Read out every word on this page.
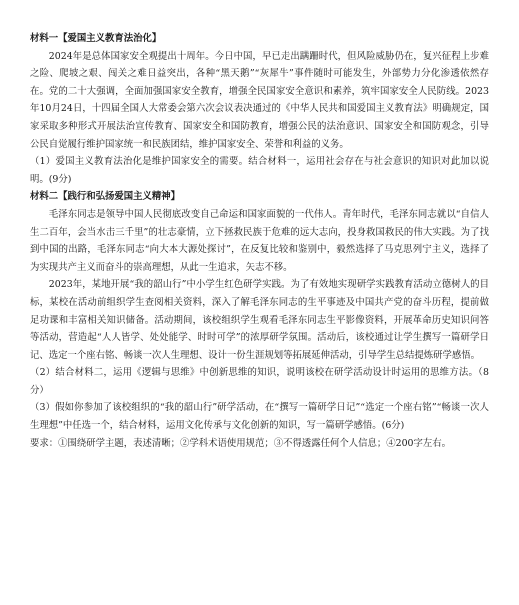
材料一【爱国主义教育法治化】

2024年是总体国家安全观提出十周年。今日中国，早已走出蹒跚时代，但风险威胁仍在，复兴征程上步难之险、爬坡之艰、闯关之难日益突出，各种“黑天鹅”“灰犀牛”事件随时可能发生，外部势力分化渗透依然存在。党的二十大强调，全面加强国家安全教育，增强全民国家安全意识和素养，筑牢国家安全人民防线。2023年10月24日，十四届全国人大常委会第六次会议表决通过的《中华人民共和国爱国主义教育法》明确规定，国家采取多种形式开展法治宣传教育、国家安全和国防教育，增强公民的法治意识、国家安全和国防观念，引导公民自觉履行维护国家统一和民族团结，维护国家安全、荣誉和利益的义务。

（1）爱国主义教育法治化是维护国家安全的需要。结合材料一，运用社会存在与社会意识的知识对此加以说明。(9分)

材料二【践行和弘扬爱国主义精神】

毛泽东同志是领导中国人民彻底改变自己命运和国家面貌的一代伟人。青年时代，毛泽东同志就以“自信人生二百年，会当水击三千里”的壮志豪情，立下拯救民族于危难的远大志向，投身救国救民的伟大实践。为了找到中国的出路，毛泽东同志“向大本大源处探讨”，在反复比较和鉴别中，毅然选择了马克思列宁主义，选择了为实现共产主义而奋斗的崇高理想，从此一生追求，矢志不移。

2023年，某地开展“我的韶山行”中小学生红色研学实践。为了有效地实现研学实践教育活动立德树人的目标，某校在活动前组织学生查阅相关资料，深入了解毛泽东同志的生平事迹及中国共产党的奋斗历程，提前做足功课和丰富相关知识储备。活动期间，该校组织学生观看毛泽东同志生平影像资料，开展革命历史知识问答等活动，营造起“人人皆学、处处能学、时时可学”的浓厚研学氛围。活动后，该校通过让学生撰写一篇研学日记、选定一个座右铭、畅谈一次人生理想、设计一份生涯规划等拓展延伸活动，引导学生总结提炼研学感悟。

（2）结合材料二，运用《逻辑与思维》中创新思维的知识，说明该校在研学活动设计时运用的思维方法。（8分）

（3）假如你参加了该校组织的“我的韶山行”研学活动，在“撰写一篇研学日记”“选定一个座右铭”“畅谈一次人生理想”中任选一个，结合材料，运用文化传承与文化创新的知识，写一篇研学感悟。(6分)

要求：①围绕研学主题，表述清晰；②学科术语使用规范；③不得透露任何个人信息；④200字左右。
